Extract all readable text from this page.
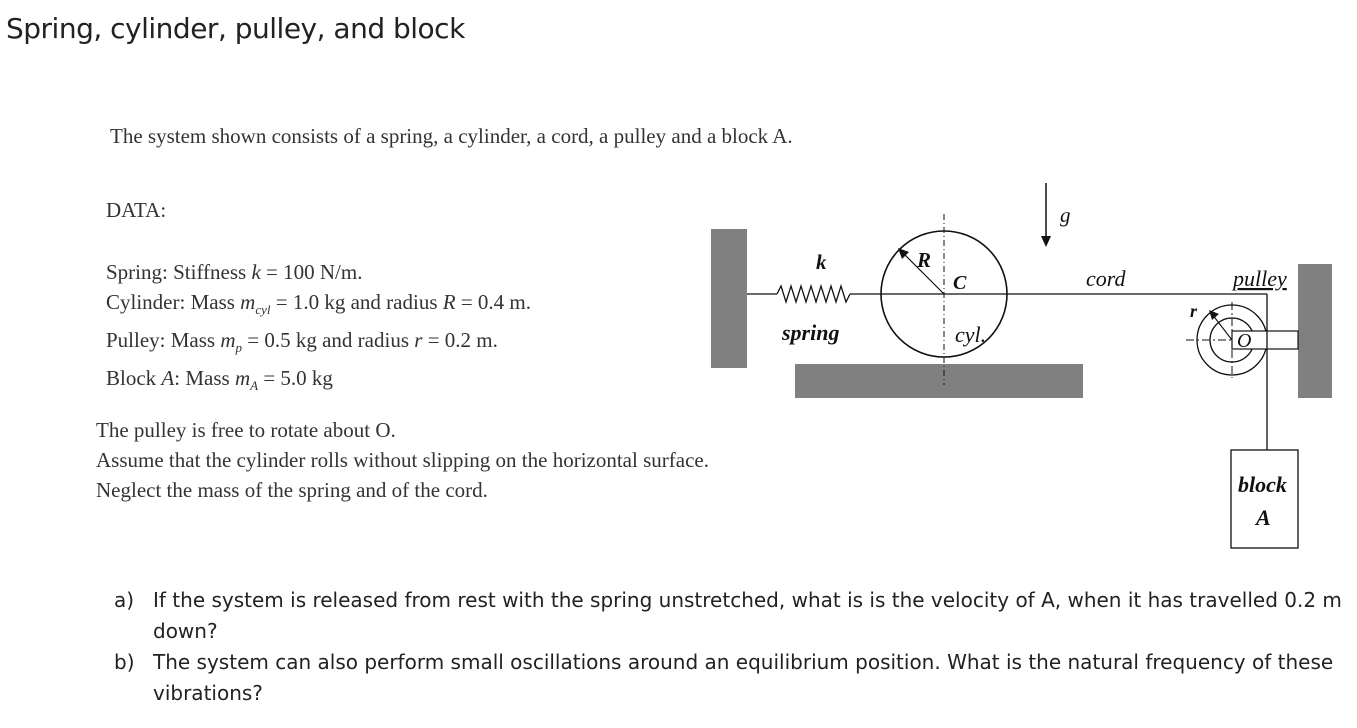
Spring, cylinder, pulley, and block
The system shown consists of a spring, a cylinder, a cord, a pulley and a block A.
DATA:
Spring: Stiffness k = 100 N/m.
Cylinder: Mass $m_{cyl} = 1.0$ kg and radius R = 0.4 m.
Pulley: Mass $m_p = 0.5$ kg and radius r = 0.2 m.
Block A: Mass $m_A = 5.0$ kg
The pulley is free to rotate about O.
Assume that the cylinder rolls without slipping on the horizontal surface.
Neglect the mass of the spring and of the cord.
k
spring
R
C
cyl.
g
cord	pulley
r
O
block
A
a) If the system is released from rest with the spring unstretched, what is is the velocity of A, when it has travelled 0.2 m down?
b) The system can also perform small oscillations around an equilibrium position. What is the natural frequency of these vibrations?
